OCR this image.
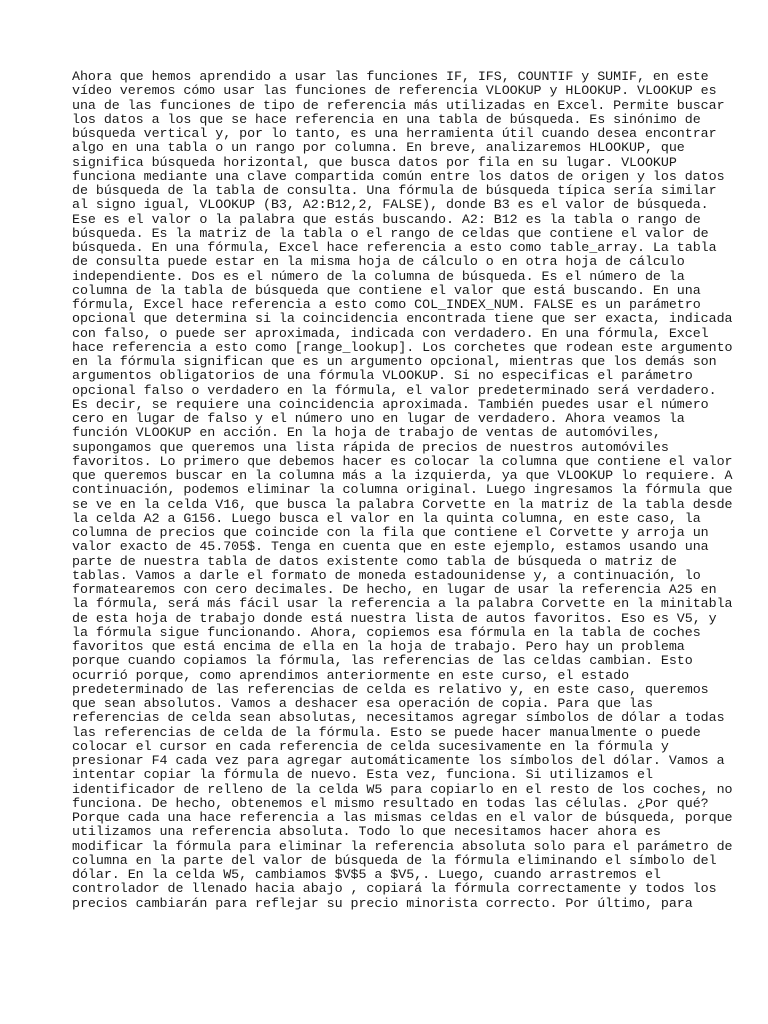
Ahora que hemos aprendido a usar las funciones IF, IFS, COUNTIF y SUMIF, en este
vídeo veremos cómo usar las funciones de referencia VLOOKUP y HLOOKUP. VLOOKUP es
una de las funciones de tipo de referencia más utilizadas en Excel. Permite buscar
los datos a los que se hace referencia en una tabla de búsqueda. Es sinónimo de
búsqueda vertical y, por lo tanto, es una herramienta útil cuando desea encontrar
algo en una tabla o un rango por columna. En breve, analizaremos HLOOKUP, que
significa búsqueda horizontal, que busca datos por fila en su lugar. VLOOKUP
funciona mediante una clave compartida común entre los datos de origen y los datos
de búsqueda de la tabla de consulta. Una fórmula de búsqueda típica sería similar
al signo igual, VLOOKUP (B3, A2:B12,2, FALSE), donde B3 es el valor de búsqueda.
Ese es el valor o la palabra que estás buscando. A2: B12 es la tabla o rango de
búsqueda. Es la matriz de la tabla o el rango de celdas que contiene el valor de
búsqueda. En una fórmula, Excel hace referencia a esto como table_array. La tabla
de consulta puede estar en la misma hoja de cálculo o en otra hoja de cálculo
independiente. Dos es el número de la columna de búsqueda. Es el número de la
columna de la tabla de búsqueda que contiene el valor que está buscando. En una
fórmula, Excel hace referencia a esto como COL_INDEX_NUM. FALSE es un parámetro
opcional que determina si la coincidencia encontrada tiene que ser exacta, indicada
con falso, o puede ser aproximada, indicada con verdadero. En una fórmula, Excel
hace referencia a esto como [range_lookup]. Los corchetes que rodean este argumento
en la fórmula significan que es un argumento opcional, mientras que los demás son
argumentos obligatorios de una fórmula VLOOKUP. Si no especificas el parámetro
opcional falso o verdadero en la fórmula, el valor predeterminado será verdadero.
Es decir, se requiere una coincidencia aproximada. También puedes usar el número
cero en lugar de falso y el número uno en lugar de verdadero. Ahora veamos la
función VLOOKUP en acción. En la hoja de trabajo de ventas de automóviles,
supongamos que queremos una lista rápida de precios de nuestros automóviles
favoritos. Lo primero que debemos hacer es colocar la columna que contiene el valor
que queremos buscar en la columna más a la izquierda, ya que VLOOKUP lo requiere. A
continuación, podemos eliminar la columna original. Luego ingresamos la fórmula que
se ve en la celda V16, que busca la palabra Corvette en la matriz de la tabla desde
la celda A2 a G156. Luego busca el valor en la quinta columna, en este caso, la
columna de precios que coincide con la fila que contiene el Corvette y arroja un
valor exacto de 45.705$. Tenga en cuenta que en este ejemplo, estamos usando una
parte de nuestra tabla de datos existente como tabla de búsqueda o matriz de
tablas. Vamos a darle el formato de moneda estadounidense y, a continuación, lo
formatearemos con cero decimales. De hecho, en lugar de usar la referencia A25 en
la fórmula, será más fácil usar la referencia a la palabra Corvette en la minitabla
de esta hoja de trabajo donde está nuestra lista de autos favoritos. Eso es V5, y
la fórmula sigue funcionando. Ahora, copiemos esa fórmula en la tabla de coches
favoritos que está encima de ella en la hoja de trabajo. Pero hay un problema
porque cuando copiamos la fórmula, las referencias de las celdas cambian. Esto
ocurrió porque, como aprendimos anteriormente en este curso, el estado
predeterminado de las referencias de celda es relativo y, en este caso, queremos
que sean absolutos. Vamos a deshacer esa operación de copia. Para que las
referencias de celda sean absolutas, necesitamos agregar símbolos de dólar a todas
las referencias de celda de la fórmula. Esto se puede hacer manualmente o puede
colocar el cursor en cada referencia de celda sucesivamente en la fórmula y
presionar F4 cada vez para agregar automáticamente los símbolos del dólar. Vamos a
intentar copiar la fórmula de nuevo. Esta vez, funciona. Si utilizamos el
identificador de relleno de la celda W5 para copiarlo en el resto de los coches, no
funciona. De hecho, obtenemos el mismo resultado en todas las células. ¿Por qué?
Porque cada una hace referencia a las mismas celdas en el valor de búsqueda, porque
utilizamos una referencia absoluta. Todo lo que necesitamos hacer ahora es
modificar la fórmula para eliminar la referencia absoluta solo para el parámetro de
columna en la parte del valor de búsqueda de la fórmula eliminando el símbolo del
dólar. En la celda W5, cambiamos $V$5 a $V5,. Luego, cuando arrastremos el
controlador de llenado hacia abajo , copiará la fórmula correctamente y todos los
precios cambiarán para reflejar su precio minorista correcto. Por último, para
